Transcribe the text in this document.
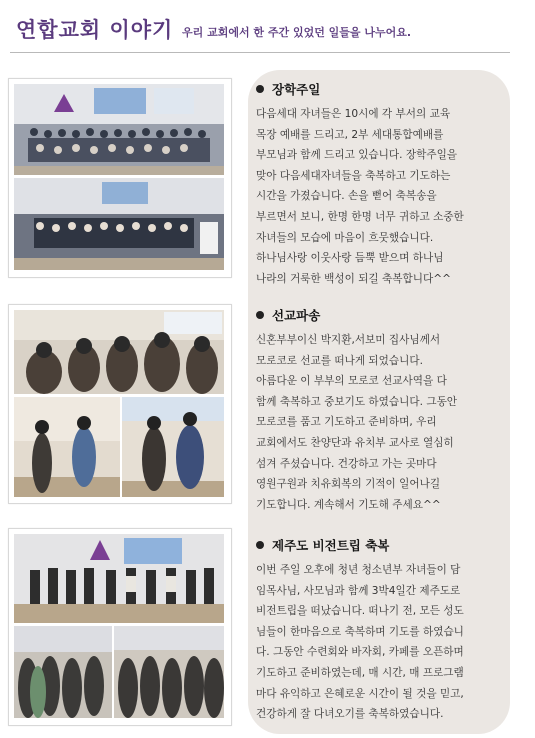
연합교회 이야기 우리 교회에서 한 주간 있었던 일들을 나누어요.
장학주일
다음세대 자녀들은 10시에 각 부서의 교육
목장 예배를 드리고, 2부 세대통합예배를
부모님과 함께 드리고 있습니다. 장학주일을
맞아 다음세대자녀들을 축복하고 기도하는
시간을 가졌습니다. 손을 뻗어 축복송을
부르면서 보니, 한명 한명 너무 귀하고 소중한
자녀들의 모습에 마음이 흐뭇했습니다.
하나님사랑 이웃사랑 듬뿍 받으며 하나님
나라의 거룩한 백성이 되길 축복합니다^^
선교파송
신혼부부이신 박지환,서보미 집사님께서
모로코로 선교를 떠나게 되었습니다.
아름다운 이 부부의 모로코 선교사역을 다
함께 축복하고 중보기도 하였습니다. 그동안
모로코를 품고 기도하고 준비하며, 우리
교회에서도 찬양단과 유치부 교사로 열심히
섬겨 주셨습니다. 건강하고 가는 곳마다
영원구원과 치유회복의 기적이 일어나길
기도합니다. 계속해서 기도해 주세요^^
제주도 비전트립 축복
이번 주일 오후에 청년 청소년부 자녀들이 담
임목사님, 사모님과 함께 3박4일간 제주도로
비전트립을 떠났습니다. 떠나기 전, 모든 성도
님들이 한마음으로 축복하며 기도를 하였습니
다. 그동안 수련회와 바자회, 카페를 오픈하며
기도하고 준비하였는데, 매 시간, 매 프로그램
마다 유익하고 은혜로운 시간이 될 것을 믿고,
건강하게 잘 다녀오기를 축복하였습니다.
